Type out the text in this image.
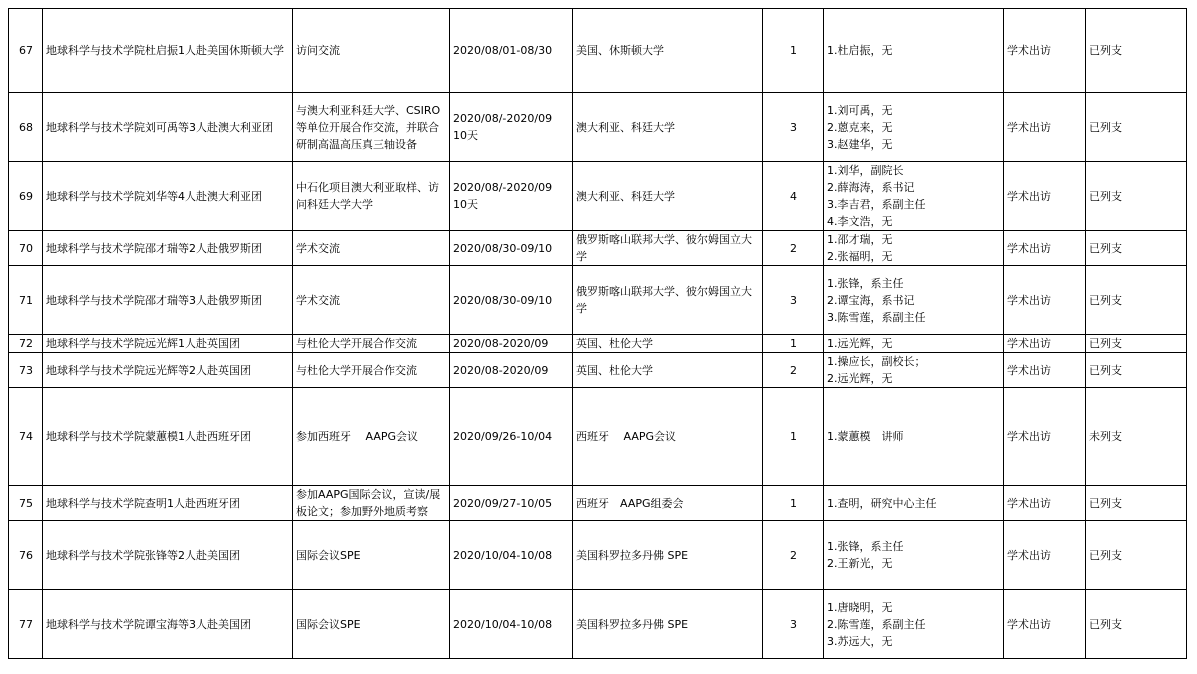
67	地球科学与技术学院杜启振1人赴美国休斯顿大学	访问交流	2020/08/01-08/30	美国、休斯顿大学	1	1.杜启振，无	学术出访	已列支
68	地球科学与技术学院刘可禹等3人赴澳大利亚团	与澳大利亚科廷大学、CSIRO等单位开展合作交流，并联合研制高温高压真三轴设备	2020/08/-2020/09
10天	澳大利亚、科廷大学	3	1.刘可禹，无
2.蒽克来，无
3.赵建华，无	学术出访	已列支
69	地球科学与技术学院刘华等4人赴澳大利亚团	中石化项目澳大利亚取样、访问科廷大学大学	2020/08/-2020/09
10天	澳大利亚、科廷大学	4	1.刘华，副院长
2.薛海涛，系书记
3.李吉君，系副主任
4.李文浩，无	学术出访	已列支
70	地球科学与技术学院邵才瑞等2人赴俄罗斯团	学术交流	2020/08/30-09/10	俄罗斯喀山联邦大学、彼尔姆国立大学	2	1.邵才瑞，无
2.张福明，无	学术出访	已列支
71	地球科学与技术学院邵才瑞等3人赴俄罗斯团	学术交流	2020/08/30-09/10	俄罗斯喀山联邦大学、彼尔姆国立大学	3	1.张锋，系主任
2.谭宝海，系书记
3.陈雪莲，系副主任	学术出访	已列支
72	地球科学与技术学院远光辉1人赴英国团	与杜伦大学开展合作交流	2020/08-2020/09	英国、杜伦大学	1	1.远光辉，无	学术出访	已列支
73	地球科学与技术学院远光辉等2人赴英国团	与杜伦大学开展合作交流	2020/08-2020/09	英国、杜伦大学	2	1.操应长，副校长；
2.远光辉，无	学术出访	已列支
74	地球科学与技术学院蒙蕙模1人赴西班牙团	参加西班牙　 AAPG会议	2020/09/26-10/04	西班牙　 AAPG会议	1	1.蒙蕙模　讲师	学术出访	未列支
75	地球科学与技术学院查明1人赴西班牙团	参加AAPG国际会议，宣读/展板论文；参加野外地质考察	2020/09/27-10/05	西班牙　AAPG组委会	1	1.查明，研究中心主任	学术出访	已列支
76	地球科学与技术学院张锋等2人赴美国团	国际会议SPE	2020/10/04-10/08	美国科罗拉多丹佛 SPE	2	1.张锋，系主任
2.王新光，无	学术出访	已列支
77	地球科学与技术学院谭宝海等3人赴美国团	国际会议SPE	2020/10/04-10/08	美国科罗拉多丹佛 SPE	3	1.唐晓明，无
2.陈雪莲，系副主任
3.苏远大，无	学术出访	已列支
